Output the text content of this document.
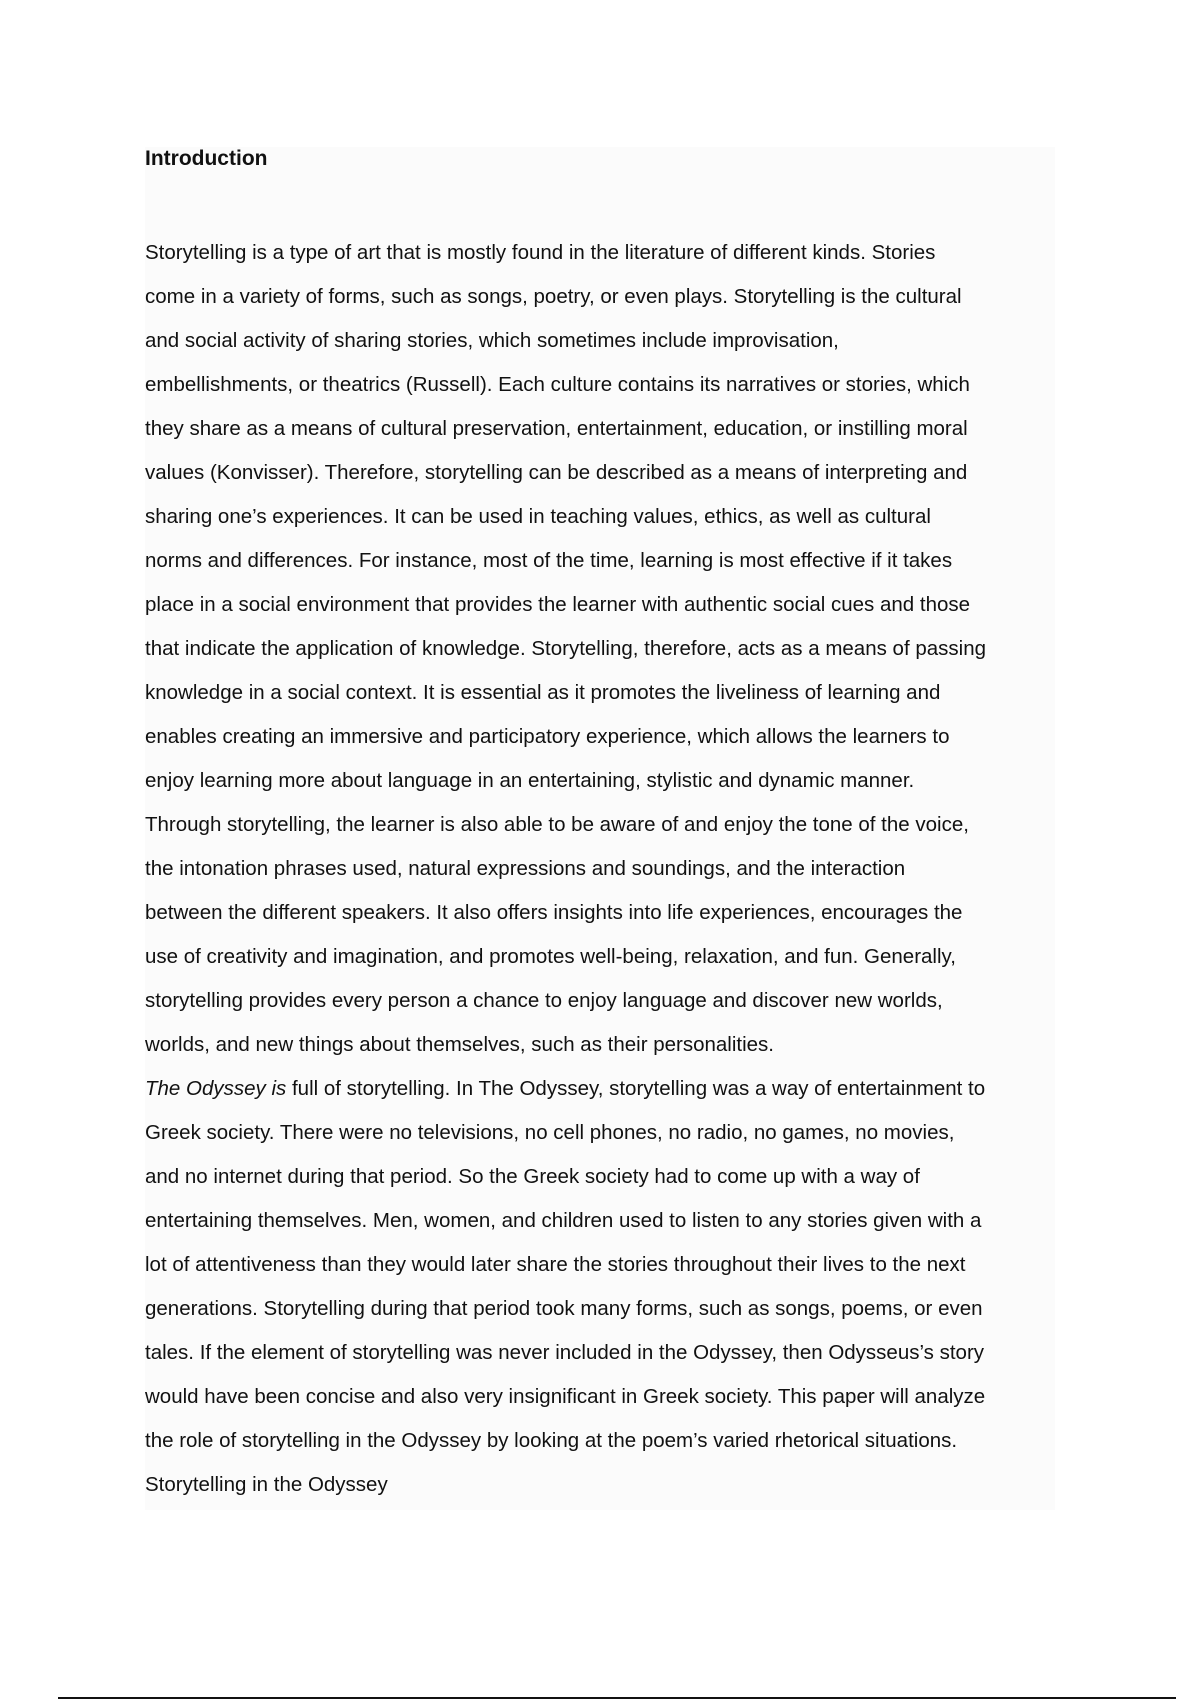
Introduction
Storytelling is a type of art that is mostly found in the literature of different kinds. Stories
come in a variety of forms, such as songs, poetry, or even plays. Storytelling is the cultural
and social activity of sharing stories, which sometimes include improvisation,
embellishments, or theatrics (Russell). Each culture contains its narratives or stories, which
they share as a means of cultural preservation, entertainment, education, or instilling moral
values (Konvisser). Therefore, storytelling can be described as a means of interpreting and
sharing one’s experiences. It can be used in teaching values, ethics, as well as cultural
norms and differences. For instance, most of the time, learning is most effective if it takes
place in a social environment that provides the learner with authentic social cues and those
that indicate the application of knowledge. Storytelling, therefore, acts as a means of passing
knowledge in a social context. It is essential as it promotes the liveliness of learning and
enables creating an immersive and participatory experience, which allows the learners to
enjoy learning more about language in an entertaining, stylistic and dynamic manner.
Through storytelling, the learner is also able to be aware of and enjoy the tone of the voice,
the intonation phrases used, natural expressions and soundings, and the interaction
between the different speakers. It also offers insights into life experiences, encourages the
use of creativity and imagination, and promotes well-being, relaxation, and fun. Generally,
storytelling provides every person a chance to enjoy language and discover new worlds,
worlds, and new things about themselves, such as their personalities.
The Odyssey is full of storytelling. In The Odyssey, storytelling was a way of entertainment to
Greek society. There were no televisions, no cell phones, no radio, no games, no movies,
and no internet during that period. So the Greek society had to come up with a way of
entertaining themselves. Men, women, and children used to listen to any stories given with a
lot of attentiveness than they would later share the stories throughout their lives to the next
generations. Storytelling during that period took many forms, such as songs, poems, or even
tales. If the element of storytelling was never included in the Odyssey, then Odysseus’s story
would have been concise and also very insignificant in Greek society. This paper will analyze
the role of storytelling in the Odyssey by looking at the poem’s varied rhetorical situations.
Storytelling in the Odyssey
